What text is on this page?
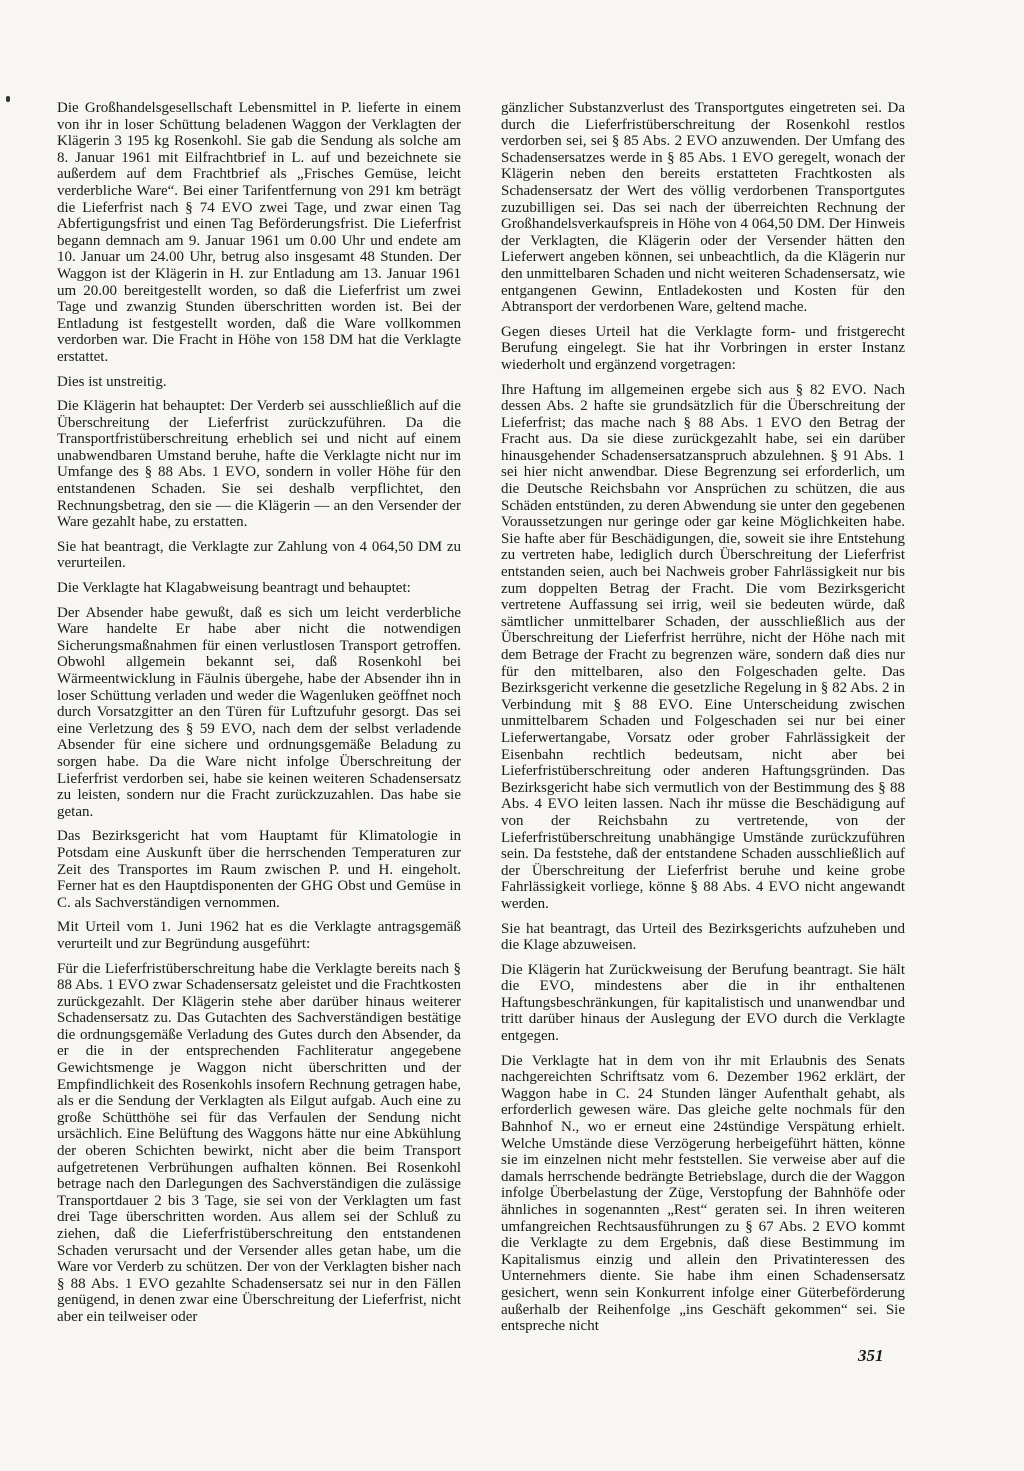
Die Großhandelsgesellschaft Lebensmittel in P. lieferte in einem von ihr in loser Schüttung beladenen Waggon der Verklagten der Klägerin 3 195 kg Rosenkohl. Sie gab die Sendung als solche am 8. Januar 1961 mit Eilfrachtbrief in L. auf und bezeichnete sie außerdem auf dem Frachtbrief als „Frisches Gemüse, leicht verderbliche Ware“. Bei einer Tarifentfernung von 291 km beträgt die Lieferfrist nach § 74 EVO zwei Tage, und zwar einen Tag Abfertigungsfrist und einen Tag Beförderungsfrist. Die Lieferfrist begann demnach am 9. Januar 1961 um 0.00 Uhr und endete am 10. Januar um 24.00 Uhr, betrug also insgesamt 48 Stunden. Der Waggon ist der Klägerin in H. zur Entladung am 13. Januar 1961 um 20.00 bereitgestellt worden, so daß die Lieferfrist um zwei Tage und zwanzig Stunden überschritten worden ist. Bei der Entladung ist festgestellt worden, daß die Ware vollkommen verdorben war. Die Fracht in Höhe von 158 DM hat die Verklagte erstattet.

Dies ist unstreitig.

Die Klägerin hat behauptet: Der Verderb sei ausschließlich auf die Überschreitung der Lieferfrist zurückzuführen. Da die Transportfristüberschreitung erheblich sei und nicht auf einem unabwendbaren Umstand beruhe, hafte die Verklagte nicht nur im Umfange des § 88 Abs. 1 EVO, sondern in voller Höhe für den entstandenen Schaden. Sie sei deshalb verpflichtet, den Rechnungsbetrag, den sie — die Klägerin — an den Versender der Ware gezahlt habe, zu erstatten.

Sie hat beantragt, die Verklagte zur Zahlung von 4 064,50 DM zu verurteilen.

Die Verklagte hat Klagabweisung beantragt und behauptet:

Der Absender habe gewußt, daß es sich um leicht verderbliche Ware handelte Er habe aber nicht die notwendigen Sicherungsmaßnahmen für einen verlustlosen Transport getroffen. Obwohl allgemein bekannt sei, daß Rosenkohl bei Wärmeentwicklung in Fäulnis übergehe, habe der Absender ihn in loser Schüttung verladen und weder die Wagenluken geöffnet noch durch Vorsatzgitter an den Türen für Luftzufuhr gesorgt. Das sei eine Verletzung des § 59 EVO, nach dem der selbst verladende Absender für eine sichere und ordnungsgemäße Beladung zu sorgen habe. Da die Ware nicht infolge Überschreitung der Lieferfrist verdorben sei, habe sie keinen weiteren Schadensersatz zu leisten, sondern nur die Fracht zurückzuzahlen. Das habe sie getan.

Das Bezirksgericht hat vom Hauptamt für Klimatologie in Potsdam eine Auskunft über die herrschenden Temperaturen zur Zeit des Transportes im Raum zwischen P. und H. eingeholt. Ferner hat es den Hauptdisponenten der GHG Obst und Gemüse in C. als Sachverständigen vernommen.

Mit Urteil vom 1. Juni 1962 hat es die Verklagte antragsgemäß verurteilt und zur Begründung ausgeführt:

Für die Lieferfristüberschreitung habe die Verklagte bereits nach § 88 Abs. 1 EVO zwar Schadensersatz geleistet und die Frachtkosten zurückgezahlt. Der Klägerin stehe aber darüber hinaus weiterer Schadensersatz zu. Das Gutachten des Sachverständigen bestätige die ordnungsgemäße Verladung des Gutes durch den Absender, da er die in der entsprechenden Fachliteratur angegebene Gewichtsmenge je Waggon nicht überschritten und der Empfindlichkeit des Rosenkohls insofern Rechnung getragen habe, als er die Sendung der Verklagten als Eilgut aufgab. Auch eine zu große Schütthöhe sei für das Verfaulen der Sendung nicht ursächlich. Eine Belüftung des Waggons hätte nur eine Abkühlung der oberen Schichten bewirkt, nicht aber die beim Transport aufgetretenen Verbrühungen aufhalten können. Bei Rosenkohl betrage nach den Darlegungen des Sachverständigen die zulässige Transportdauer 2 bis 3 Tage, sie sei von der Verklagten um fast drei Tage überschritten worden. Aus allem sei der Schluß zu ziehen, daß die Lieferfristüberschreitung den entstandenen Schaden verursacht und der Versender alles getan habe, um die Ware vor Verderb zu schützen. Der von der Verklagten bisher nach § 88 Abs. 1 EVO gezahlte Schadensersatz sei nur in den Fällen genügend, in denen zwar eine Überschreitung der Lieferfrist, nicht aber ein teilweiser oder

gänzlicher Substanzverlust des Transportgutes eingetreten sei. Da durch die Lieferfristüberschreitung der Rosenkohl restlos verdorben sei, sei § 85 Abs. 2 EVO anzuwenden. Der Umfang des Schadensersatzes werde in § 85 Abs. 1 EVO geregelt, wonach der Klägerin neben den bereits erstatteten Frachtkosten als Schadensersatz der Wert des völlig verdorbenen Transportgutes zuzubilligen sei. Das sei nach der überreichten Rechnung der Großhandelsverkaufspreis in Höhe von 4 064,50 DM. Der Hinweis der Verklagten, die Klägerin oder der Versender hätten den Lieferwert angeben können, sei unbeachtlich, da die Klägerin nur den unmittelbaren Schaden und nicht weiteren Schadensersatz, wie entgangenen Gewinn, Entladekosten und Kosten für den Abtransport der verdorbenen Ware, geltend mache.

Gegen dieses Urteil hat die Verklagte form- und fristgerecht Berufung eingelegt. Sie hat ihr Vorbringen in erster Instanz wiederholt und ergänzend vorgetragen:

Ihre Haftung im allgemeinen ergebe sich aus § 82 EVO. Nach dessen Abs. 2 hafte sie grundsätzlich für die Überschreitung der Lieferfrist; das mache nach § 88 Abs. 1 EVO den Betrag der Fracht aus. Da sie diese zurückgezahlt habe, sei ein darüber hinausgehender Schadensersatzanspruch abzulehnen. § 91 Abs. 1 sei hier nicht anwendbar. Diese Begrenzung sei erforderlich, um die Deutsche Reichsbahn vor Ansprüchen zu schützen, die aus Schäden entstünden, zu deren Abwendung sie unter den gegebenen Voraussetzungen nur geringe oder gar keine Möglichkeiten habe. Sie hafte aber für Beschädigungen, die, soweit sie ihre Entstehung zu vertreten habe, lediglich durch Überschreitung der Lieferfrist entstanden seien, auch bei Nachweis grober Fahrlässigkeit nur bis zum doppelten Betrag der Fracht. Die vom Bezirksgericht vertretene Auffassung sei irrig, weil sie bedeuten würde, daß sämtlicher unmittelbarer Schaden, der ausschließlich aus der Überschreitung der Lieferfrist herrühre, nicht der Höhe nach mit dem Betrage der Fracht zu begrenzen wäre, sondern daß dies nur für den mittelbaren, also den Folgeschaden gelte. Das Bezirksgericht verkenne die gesetzliche Regelung in § 82 Abs. 2 in Verbindung mit § 88 EVO. Eine Unterscheidung zwischen unmittelbarem Schaden und Folgeschaden sei nur bei einer Lieferwertangabe, Vorsatz oder grober Fahrlässigkeit der Eisenbahn rechtlich bedeutsam, nicht aber bei Lieferfristüberschreitung oder anderen Haftungsgründen. Das Bezirksgericht habe sich vermutlich von der Bestimmung des § 88 Abs. 4 EVO leiten lassen. Nach ihr müsse die Beschädigung auf von der Reichsbahn zu vertretende, von der Lieferfristüberschreitung unabhängige Umstände zurückzuführen sein. Da feststehe, daß der entstandene Schaden ausschließlich auf der Überschreitung der Lieferfrist beruhe und keine grobe Fahrlässigkeit vorliege, könne § 88 Abs. 4 EVO nicht angewandt werden.

Sie hat beantragt, das Urteil des Bezirksgerichts aufzuheben und die Klage abzuweisen.

Die Klägerin hat Zurückweisung der Berufung beantragt. Sie hält die EVO, mindestens aber die in ihr enthaltenen Haftungsbeschränkungen, für kapitalistisch und unanwendbar und tritt darüber hinaus der Auslegung der EVO durch die Verklagte entgegen.

Die Verklagte hat in dem von ihr mit Erlaubnis des Senats nachgereichten Schriftsatz vom 6. Dezember 1962 erklärt, der Waggon habe in C. 24 Stunden länger Aufenthalt gehabt, als erforderlich gewesen wäre. Das gleiche gelte nochmals für den Bahnhof N., wo er erneut eine 24stündige Verspätung erhielt. Welche Umstände diese Verzögerung herbeigeführt hätten, könne sie im einzelnen nicht mehr feststellen. Sie verweise aber auf die damals herrschende bedrängte Betriebslage, durch die der Waggon infolge Überbelastung der Züge, Verstopfung der Bahnhöfe oder ähnliches in sogenannten „Rest“ geraten sei. In ihren weiteren umfangreichen Rechtsausführungen zu § 67 Abs. 2 EVO kommt die Verklagte zu dem Ergebnis, daß diese Bestimmung im Kapitalismus einzig und allein den Privatinteressen des Unternehmers diente. Sie habe ihm einen Schadensersatz gesichert, wenn sein Konkurrent infolge einer Güterbeförderung außerhalb der Reihenfolge „ins Geschäft gekommen“ sei. Sie entspreche nicht

351
